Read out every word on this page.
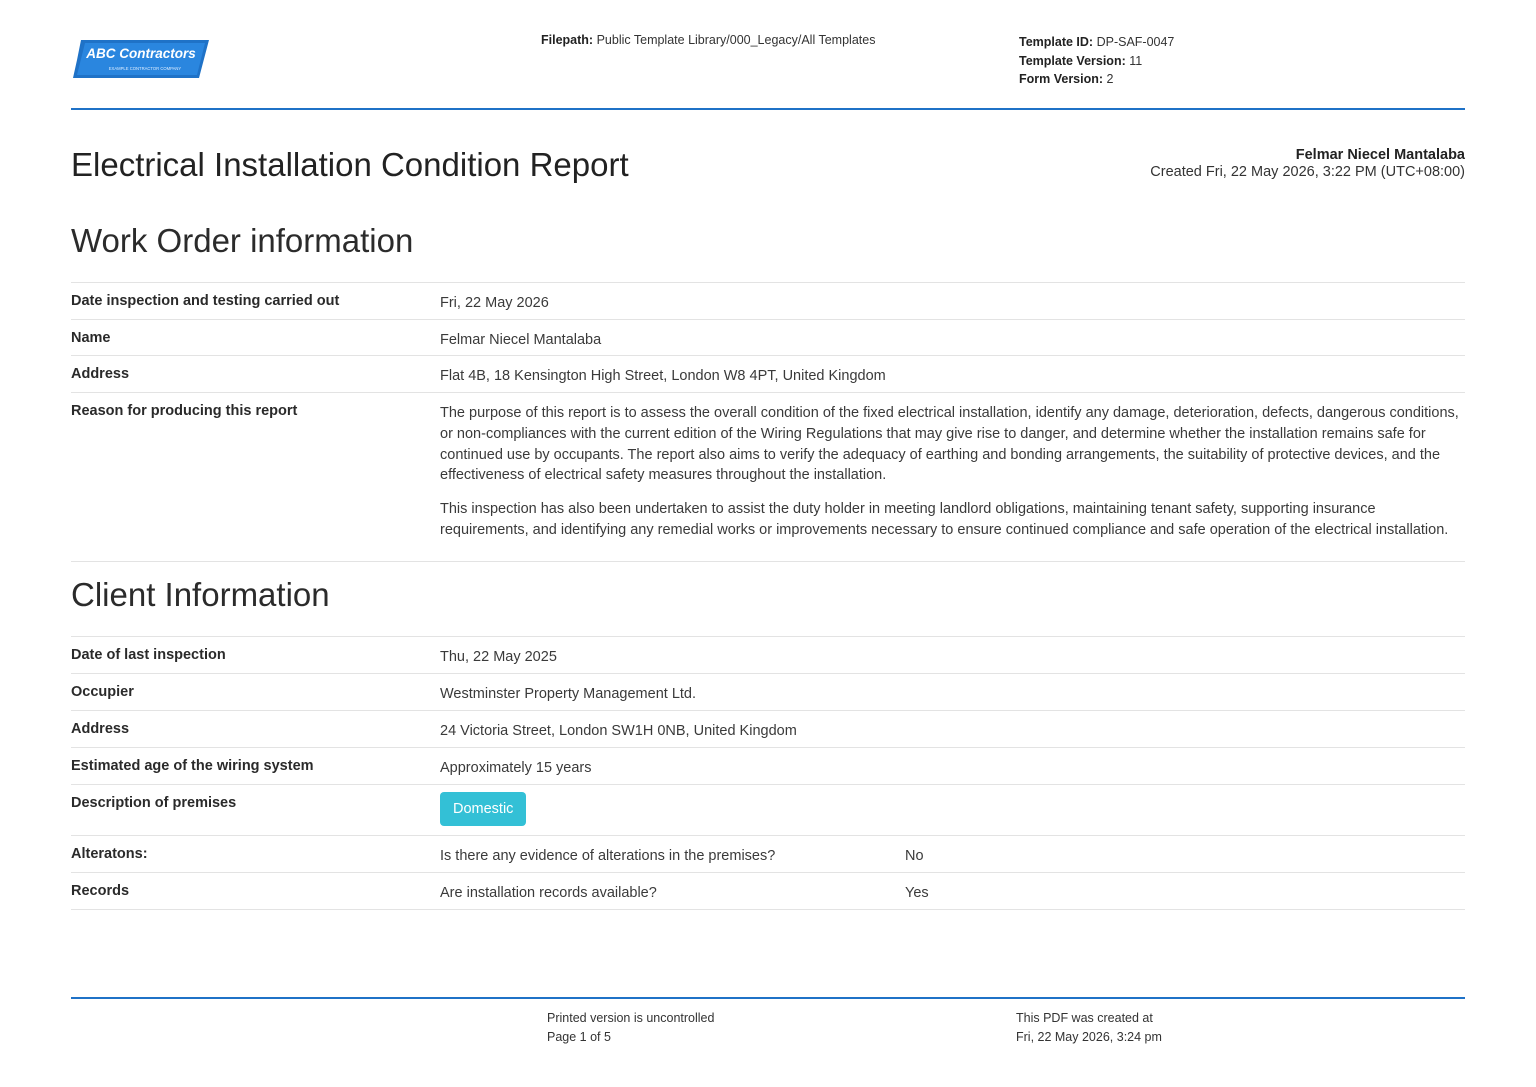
ABC Contractors
EXAMPLE CONTRACTOR COMPANY
Filepath: Public Template Library/000_Legacy/All Templates	Template ID: DP-SAF-0047
Template Version: 11
Form Version: 2
Electrical Installation Condition Report	Felmar Niecel Mantalaba
Created Fri, 22 May 2026, 3:22 PM (UTC+08:00)
Work Order information
Date inspection and testing carried out	Fri, 22 May 2026
Name	Felmar Niecel Mantalaba
Address	Flat 4B, 18 Kensington High Street, London W8 4PT, United Kingdom
Reason for producing this report	The purpose of this report is to assess the overall condition of the fixed electrical installation, identify any damage, deterioration, defects, dangerous conditions, or non-compliances with the current edition of the Wiring Regulations that may give rise to danger, and determine whether the installation remains safe for continued use by occupants. The report also aims to verify the adequacy of earthing and bonding arrangements, the suitability of protective devices, and the effectiveness of electrical safety measures throughout the installation.

This inspection has also been undertaken to assist the duty holder in meeting landlord obligations, maintaining tenant safety, supporting insurance requirements, and identifying any remedial works or improvements necessary to ensure continued compliance and safe operation of the electrical installation.

Client Information
Date of last inspection	Thu, 22 May 2025
Occupier	Westminster Property Management Ltd.
Address	24 Victoria Street, London SW1H 0NB, United Kingdom
Estimated age of the wiring system	Approximately 15 years
Description of premises	Domestic
Alteratons:	Is there any evidence of alterations in the premises?	No
Records	Are installation records available?	Yes
Printed version is uncontrolled
Page 1 of 5
This PDF was created at
Fri, 22 May 2026, 3:24 pm
